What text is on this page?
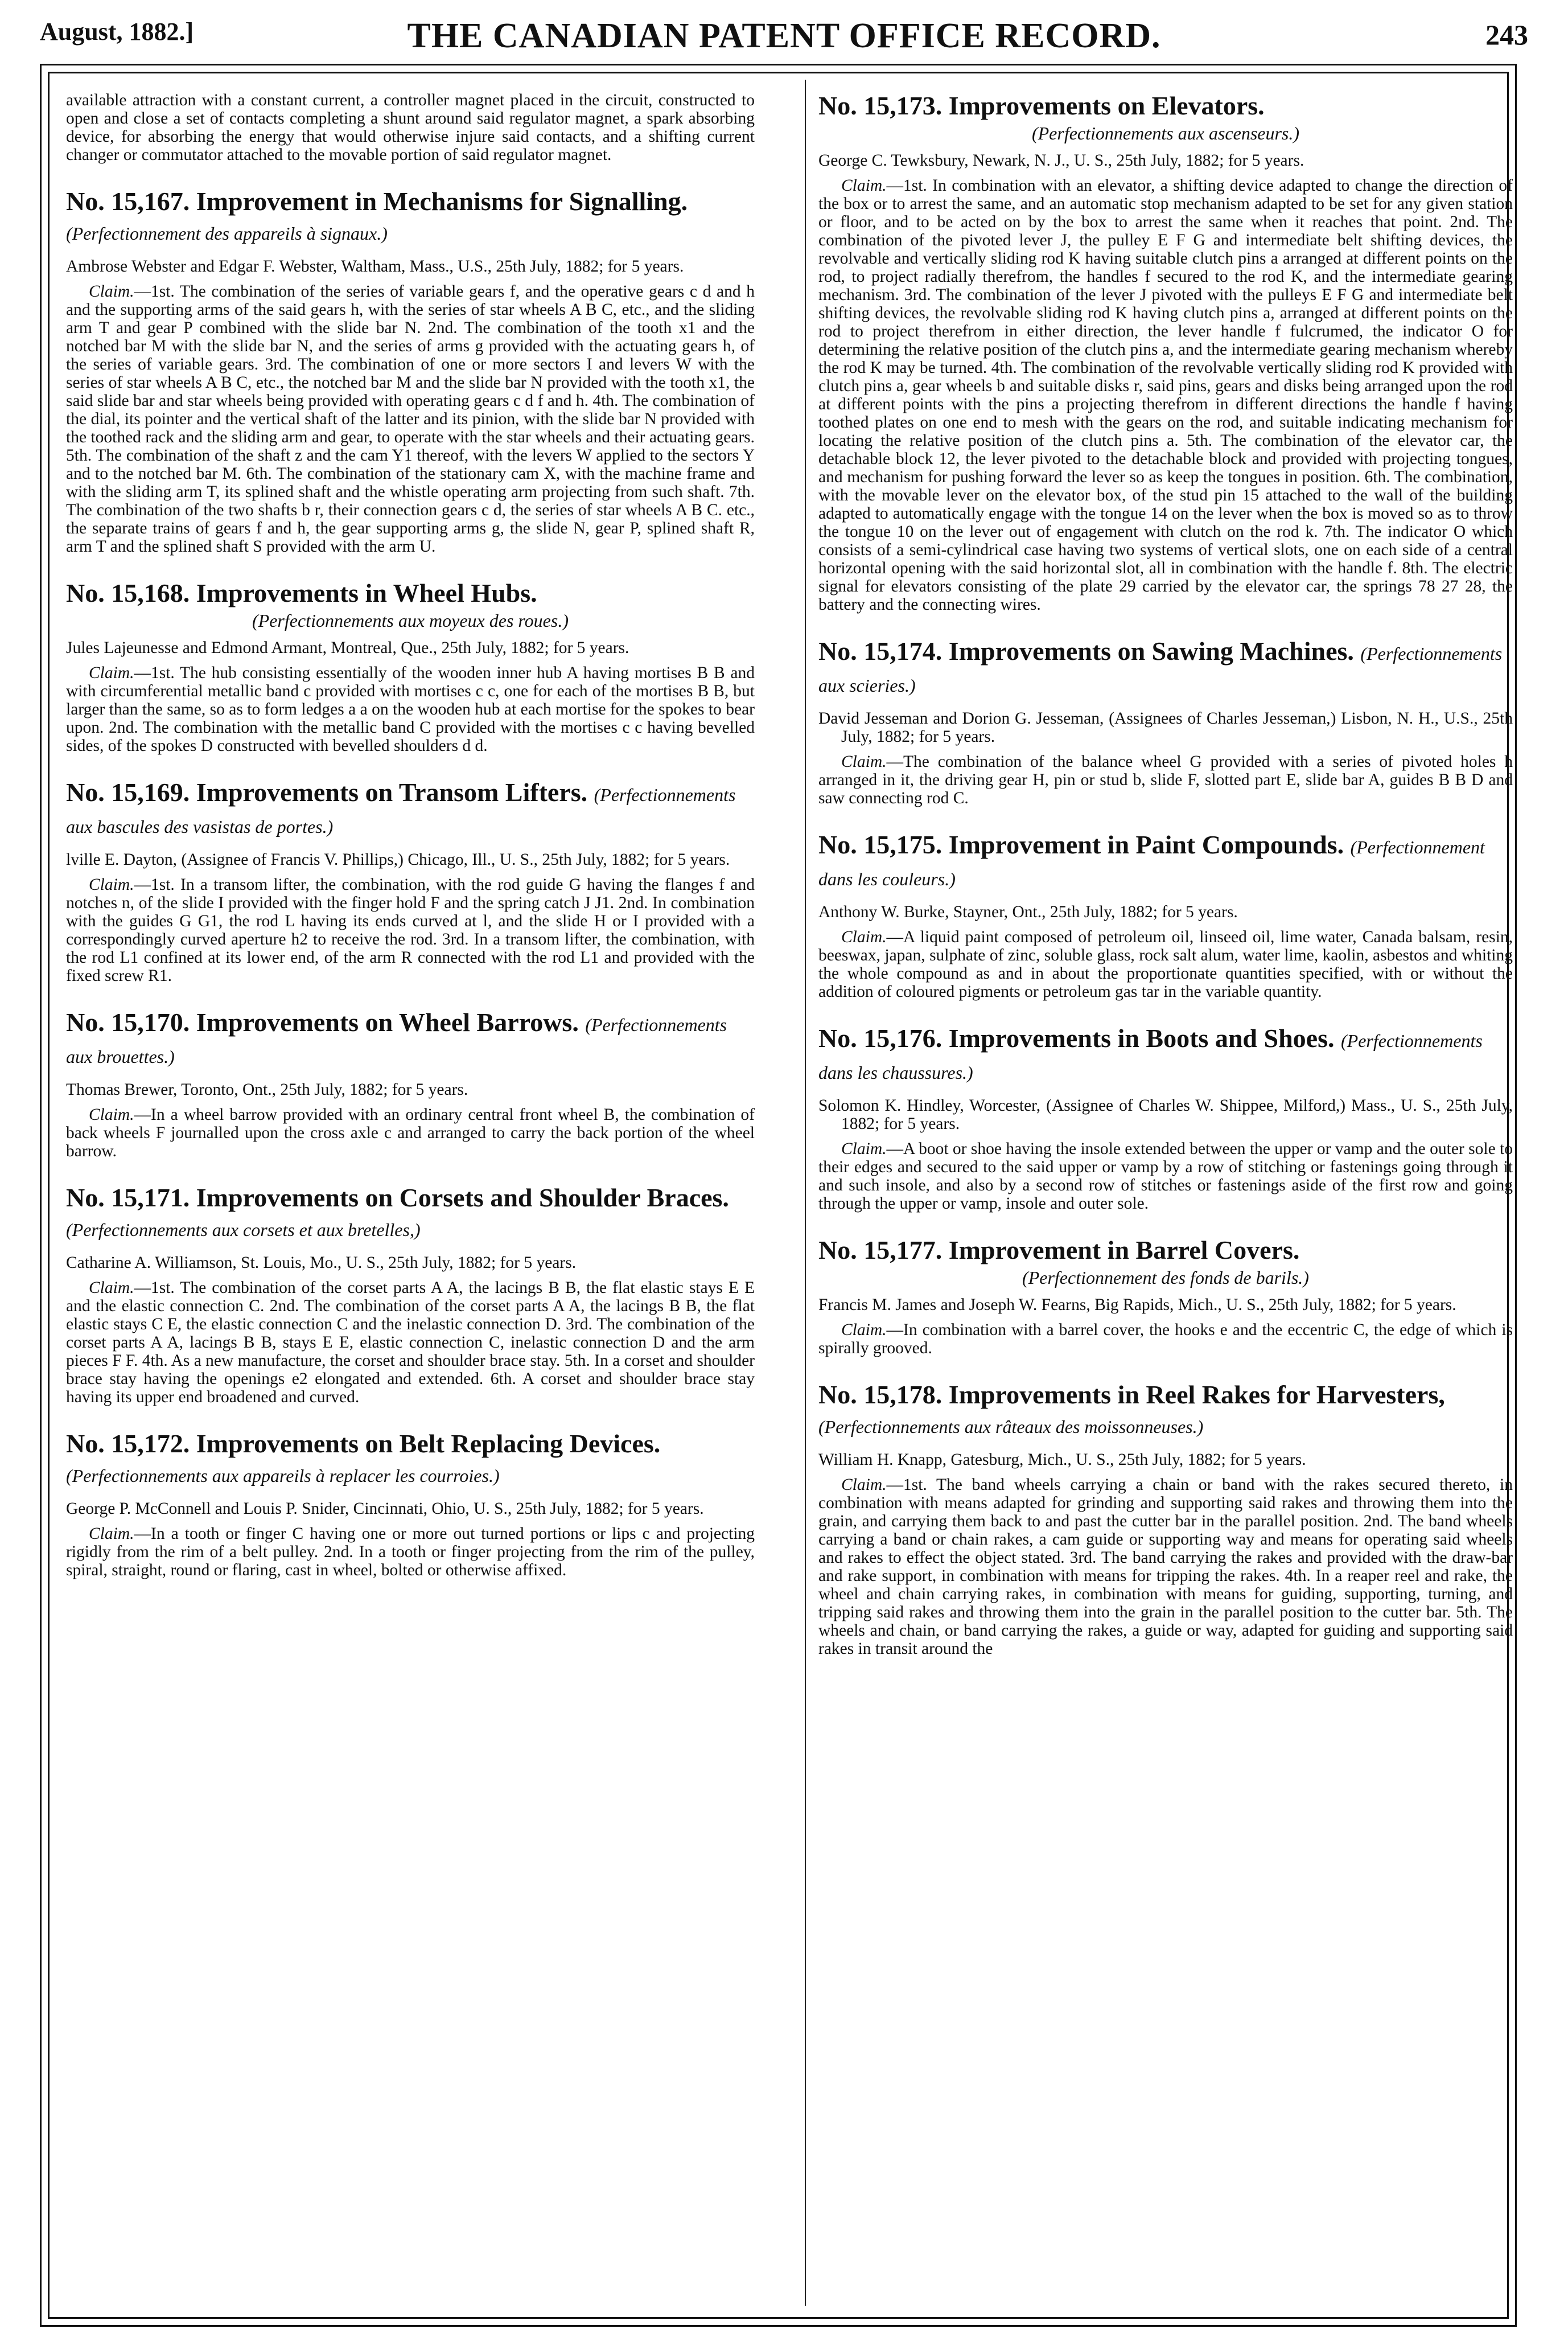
August, 1882.]	THE CANADIAN PATENT OFFICE RECORD.	243

available attraction with a constant current, a controller magnet placed in the circuit, constructed to open and close a set of contacts completing a shunt around said regulator magnet, a spark absorbing device, for absorbing the energy that would otherwise injure said contacts, and a shifting current changer or commutator attached to the movable portion of said regulator magnet.

No. 15,167. Improvement in Mechanisms for Signalling. (Perfectionnement des appareils à signaux.)

Ambrose Webster and Edgar F. Webster, Waltham, Mass., U.S., 25th July, 1882; for 5 years.

Claim.—1st. The combination of the series of variable gears f, and the operative gears c d and h and the supporting arms of the said gears h, with the series of star wheels A B C, etc., and the sliding arm T and gear P combined with the slide bar N. 2nd. The combination of the tooth x1 and the notched bar M with the slide bar N, and the series of arms g provided with the actuating gears h, of the series of variable gears. 3rd. The combination of one or more sectors I and levers W with the series of star wheels A B C, etc., the notched bar M and the slide bar N provided with the tooth x1, the said slide bar and star wheels being provided with operating gears c d f and h. 4th. The combination of the dial, its pointer and the vertical shaft of the latter and its pinion, with the slide bar N provided with the toothed rack and the sliding arm and gear, to operate with the star wheels and their actuating gears. 5th. The combination of the shaft z and the cam Y1 thereof, with the levers W applied to the sectors Y and to the notched bar M. 6th. The combination of the stationary cam X, with the machine frame and with the sliding arm T, its splined shaft and the whistle operating arm projecting from such shaft. 7th. The combination of the two shafts b r, their connection gears c d, the series of star wheels A B C. etc., the separate trains of gears f and h, the gear supporting arms g, the slide N, gear P, splined shaft R, arm T and the splined shaft S provided with the arm U.

No. 15,168. Improvements in Wheel Hubs.

(Perfectionnements aux moyeux des roues.)

Jules Lajeunesse and Edmond Armant, Montreal, Que., 25th July, 1882; for 5 years.

Claim.—1st. The hub consisting essentially of the wooden inner hub A having mortises B B and with circumferential metallic band c provided with mortises c c, one for each of the mortises B B, but larger than the same, so as to form ledges a a on the wooden hub at each mortise for the spokes to bear upon. 2nd. The combination with the metallic band C provided with the mortises c c having bevelled sides, of the spokes D constructed with bevelled shoulders d d.

No. 15,169. Improvements on Transom Lifters. (Perfectionnements aux bascules des vasistas de portes.)

lville E. Dayton, (Assignee of Francis V. Phillips,) Chicago, Ill., U. S., 25th July, 1882; for 5 years.

Claim.—1st. In a transom lifter, the combination, with the rod guide G having the flanges f and notches n, of the slide I provided with the finger hold F and the spring catch J J1. 2nd. In combination with the guides G G1, the rod L having its ends curved at l, and the slide H or I provided with a correspondingly curved aperture h2 to receive the rod. 3rd. In a transom lifter, the combination, with the rod L1 confined at its lower end, of the arm R connected with the rod L1 and provided with the fixed screw R1.

No. 15,170. Improvements on Wheel Barrows. (Perfectionnements aux brouettes.)

Thomas Brewer, Toronto, Ont., 25th July, 1882; for 5 years.

Claim.—In a wheel barrow provided with an ordinary central front wheel B, the combination of back wheels F journalled upon the cross axle c and arranged to carry the back portion of the wheel barrow.

No. 15,171. Improvements on Corsets and Shoulder Braces. (Perfectionnements aux corsets et aux bretelles,)

Catharine A. Williamson, St. Louis, Mo., U. S., 25th July, 1882; for 5 years.

Claim.—1st. The combination of the corset parts A A, the lacings B B, the flat elastic stays E E and the elastic connection C. 2nd. The combination of the corset parts A A, the lacings B B, the flat elastic stays C E, the elastic connection C and the inelastic connection D. 3rd. The combination of the corset parts A A, lacings B B, stays E E, elastic connection C, inelastic connection D and the arm pieces F F. 4th. As a new manufacture, the corset and shoulder brace stay. 5th. In a corset and shoulder brace stay having the openings e2 elongated and extended. 6th. A corset and shoulder brace stay having its upper end broadened and curved.

No. 15,172. Improvements on Belt Replacing Devices. (Perfectionnements aux appareils à replacer les courroies.)

George P. McConnell and Louis P. Snider, Cincinnati, Ohio, U. S., 25th July, 1882; for 5 years.

Claim.—In a tooth or finger C having one or more out turned portions or lips c and projecting rigidly from the rim of a belt pulley. 2nd. In a tooth or finger projecting from the rim of the pulley, spiral, straight, round or flaring, cast in wheel, bolted or otherwise affixed.

No. 15,173. Improvements on Elevators.

(Perfectionnements aux ascenseurs.)

George C. Tewksbury, Newark, N. J., U. S., 25th July, 1882; for 5 years.

Claim.—1st. In combination with an elevator, a shifting device adapted to change the direction of the box or to arrest the same, and an automatic stop mechanism adapted to be set for any given station or floor, and to be acted on by the box to arrest the same when it reaches that point. 2nd. The combination of the pivoted lever J, the pulley E F G and intermediate belt shifting devices, the revolvable and vertically sliding rod K having suitable clutch pins a arranged at different points on the rod, to project radially therefrom, the handles f secured to the rod K, and the intermediate gearing mechanism. 3rd. The combination of the lever J pivoted with the pulleys E F G and intermediate belt shifting devices, the revolvable sliding rod K having clutch pins a, arranged at different points on the rod to project therefrom in either direction, the lever handle f fulcrumed, the indicator O for determining the relative position of the clutch pins a, and the intermediate gearing mechanism whereby the rod K may be turned. 4th. The combination of the revolvable vertically sliding rod K provided with clutch pins a, gear wheels b and suitable disks r, said pins, gears and disks being arranged upon the rod at different points with the pins a projecting therefrom in different directions the handle f having toothed plates on one end to mesh with the gears on the rod, and suitable indicating mechanism for locating the relative position of the clutch pins a. 5th. The combination of the elevator car, the detachable block 12, the lever pivoted to the detachable block and provided with projecting tongues, and mechanism for pushing forward the lever so as keep the tongues in position. 6th. The combination, with the movable lever on the elevator box, of the stud pin 15 attached to the wall of the building adapted to automatically engage with the tongue 14 on the lever when the box is moved so as to throw the tongue 10 on the lever out of engagement with clutch on the rod k. 7th. The indicator O which consists of a semi-cylindrical case having two systems of vertical slots, one on each side of a central horizontal opening with the said horizontal slot, all in combination with the handle f. 8th. The electric signal for elevators consisting of the plate 29 carried by the elevator car, the springs 78 27 28, the battery and the connecting wires.

No. 15,174. Improvements on Sawing Machines. (Perfectionnements aux scieries.)

David Jesseman and Dorion G. Jesseman, (Assignees of Charles Jesseman,) Lisbon, N. H., U.S., 25th July, 1882; for 5 years.

Claim.—The combination of the balance wheel G provided with a series of pivoted holes h arranged in it, the driving gear H, pin or stud b, slide F, slotted part E, slide bar A, guides B B D and saw connecting rod C.

No. 15,175. Improvement in Paint Compounds. (Perfectionnement dans les couleurs.)

Anthony W. Burke, Stayner, Ont., 25th July, 1882; for 5 years.

Claim.—A liquid paint composed of petroleum oil, linseed oil, lime water, Canada balsam, resin, beeswax, japan, sulphate of zinc, soluble glass, rock salt alum, water lime, kaolin, asbestos and whiting the whole compound as and in about the proportionate quantities specified, with or without the addition of coloured pigments or petroleum gas tar in the variable quantity.

No. 15,176. Improvements in Boots and Shoes. (Perfectionnements dans les chaussures.)

Solomon K. Hindley, Worcester, (Assignee of Charles W. Shippee, Milford,) Mass., U. S., 25th July, 1882; for 5 years.

Claim.—A boot or shoe having the insole extended between the upper or vamp and the outer sole to their edges and secured to the said upper or vamp by a row of stitching or fastenings going through it and such insole, and also by a second row of stitches or fastenings aside of the first row and going through the upper or vamp, insole and outer sole.

No. 15,177. Improvement in Barrel Covers.

(Perfectionnement des fonds de barils.)

Francis M. James and Joseph W. Fearns, Big Rapids, Mich., U. S., 25th July, 1882; for 5 years.

Claim.—In combination with a barrel cover, the hooks e and the eccentric C, the edge of which is spirally grooved.

No. 15,178. Improvements in Reel Rakes for Harvesters, (Perfectionnements aux râteaux des moissonneuses.)

William H. Knapp, Gatesburg, Mich., U. S., 25th July, 1882; for 5 years.

Claim.—1st. The band wheels carrying a chain or band with the rakes secured thereto, in combination with means adapted for grinding and supporting said rakes and throwing them into the grain, and carrying them back to and past the cutter bar in the parallel position. 2nd. The band wheels carrying a band or chain rakes, a cam guide or supporting way and means for operating said wheels and rakes to effect the object stated. 3rd. The band carrying the rakes and provided with the draw-bar and rake support, in combination with means for tripping the rakes. 4th. In a reaper reel and rake, the wheel and chain carrying rakes, in combination with means for guiding, supporting, turning, and tripping said rakes and throwing them into the grain in the parallel position to the cutter bar. 5th. The wheels and chain, or band carrying the rakes, a guide or way, adapted for guiding and supporting said rakes in transit around the
